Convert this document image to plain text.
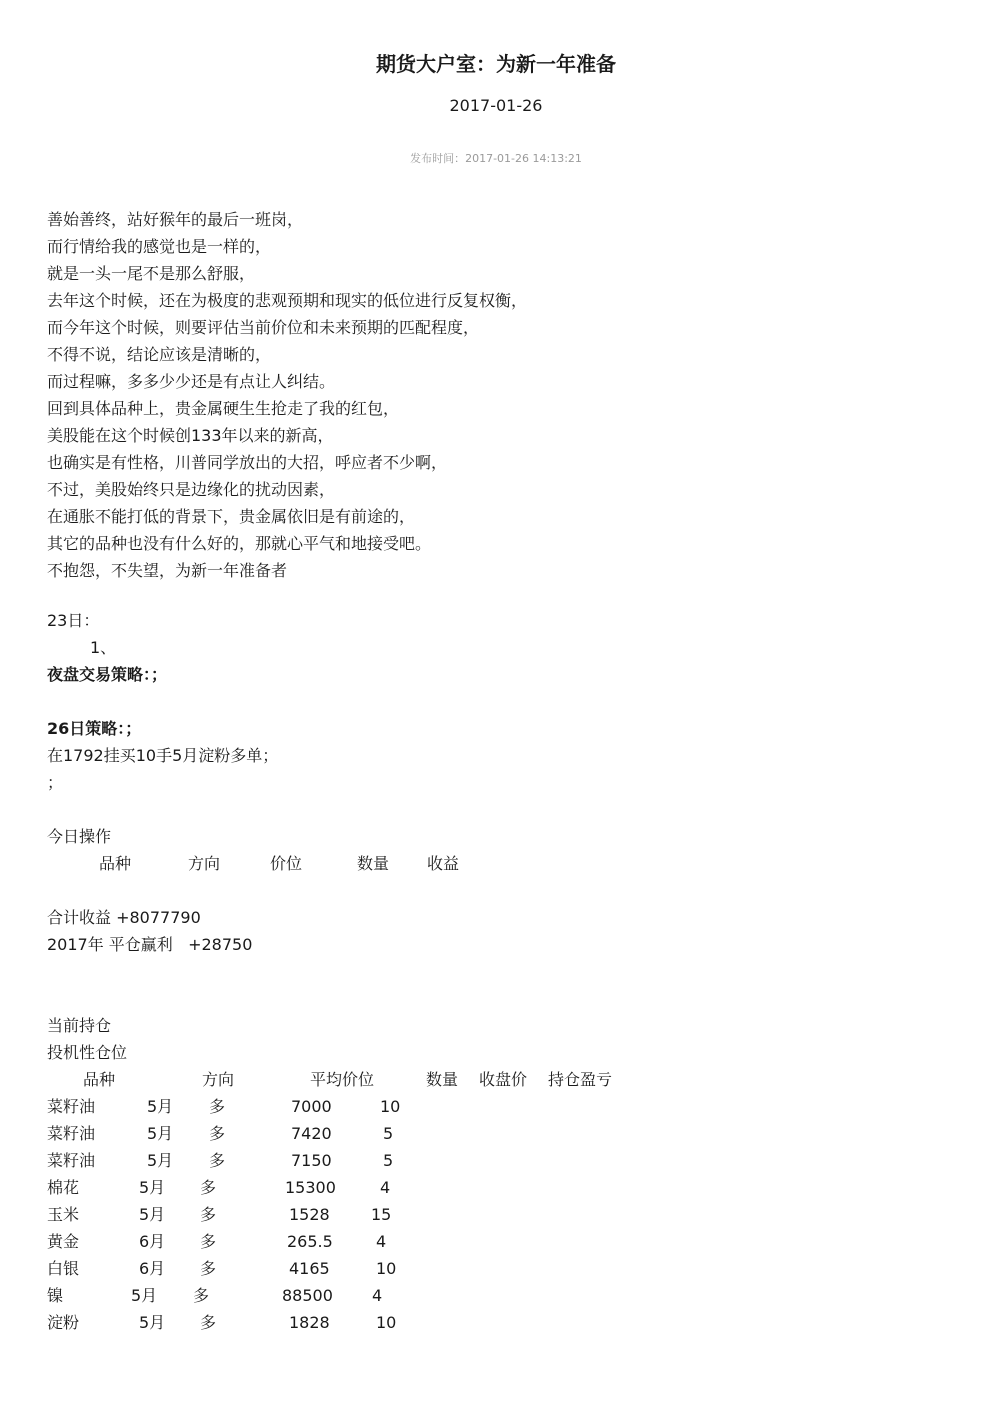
期货大户室：为新一年准备
2017-01-26
发布时间：2017-01-26 14:13:21
善始善终，站好猴年的最后一班岗，
而行情给我的感觉也是一样的，
就是一头一尾不是那么舒服，
去年这个时候，还在为极度的悲观预期和现实的低位进行反复权衡，
而今年这个时候，则要评估当前价位和未来预期的匹配程度，
不得不说，结论应该是清晰的，
而过程嘛，多多少少还是有点让人纠结。
回到具体品种上，贵金属硬生生抢走了我的红包，
美股能在这个时候创133年以来的新高，
也确实是有性格，川普同学放出的大招，呼应者不少啊，
不过，美股始终只是边缘化的扰动因素，
在通胀不能打低的背景下，贵金属依旧是有前途的，
其它的品种也没有什么好的，那就心平气和地接受吧。
不抱怨，不失望，为新一年准备者
23日：
1、
夜盘交易策略：；
26日策略：；
在1792挂买10手5月淀粉多单；
；
今日操作
品种	方向	价位	数量 收益
合计收益 +8077790
2017年 平仓赢利   +28750
当前持仓
投机性仓位
品种	方向	平均价位	数量 收盘价 持仓盈亏
菜籽油	5月 多	7000	10
菜籽油	5月 多	7420	5
菜籽油	5月 多	7150	5
棉花	5月 多	15300	4
玉米	5月 多	1528	15
黄金	6月 多	265.5	4
白银	6月 多	4165	10
镍	5月 多	88500 4
淀粉	5月 多	1828	10
